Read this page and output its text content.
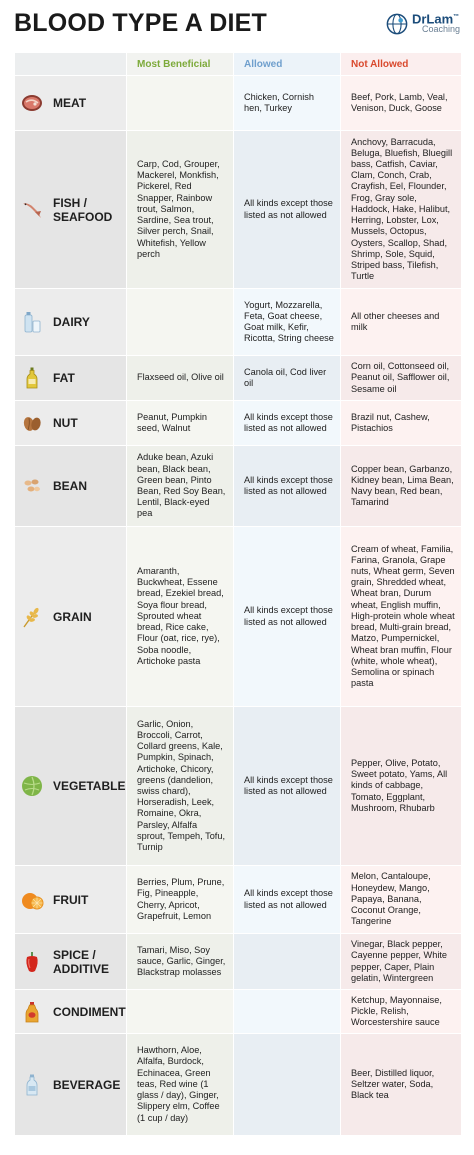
BLOOD TYPE A DIET	DrLam™
Coaching
	Most Beneficial	Allowed	Not Allowed

MEAT		Chicken, Cornish hen, Turkey	Beef, Pork, Lamb, Veal, Venison, Duck, Goose

FISH /
SEAFOOD	Carp, Cod, Grouper, Mackerel, Monkfish, Pickerel, Red Snapper, Rainbow trout, Salmon, Sardine, Sea trout, Silver perch, Snail, Whitefish, Yellow perch	All kinds except those listed as not allowed	Anchovy, Barracuda, Beluga, Bluefish, Bluegill bass, Catfish, Caviar, Clam, Conch, Crab, Crayfish, Eel, Flounder, Frog, Gray sole, Haddock, Hake, Halibut, Herring, Lobster, Lox, Mussels, Octopus, Oysters, Scallop, Shad, Shrimp, Sole, Squid, Striped bass, Tilefish, Turtle

DAIRY		Yogurt, Mozzarella, Feta, Goat cheese, Goat milk, Kefir, Ricotta, String cheese	All other cheeses and milk

FAT	Flaxseed oil, Olive oil	Canola oil, Cod liver oil	Corn oil, Cottonseed oil, Peanut oil, Safflower oil, Sesame oil

NUT	Peanut, Pumpkin seed, Walnut	All kinds except those listed as not allowed	Brazil nut, Cashew, Pistachios

BEAN	Aduke bean, Azuki bean, Black bean, Green bean, Pinto Bean, Red Soy Bean, Lentil, Black-eyed pea	All kinds except those listed as not allowed	Copper bean, Garbanzo, Kidney bean, Lima Bean, Navy bean, Red bean, Tamarind

GRAIN	Amaranth, Buckwheat, Essene bread, Ezekiel bread, Soya flour bread, Sprouted wheat bread, Rice cake, Flour (oat, rice, rye), Soba noodle, Artichoke pasta	All kinds except those listed as not allowed	Cream of wheat, Familia, Farina, Granola, Grape nuts, Wheat germ, Seven grain, Shredded wheat, Wheat bran, Durum wheat, English muffin, High-protein whole wheat bread, Multi-grain bread, Matzo, Pumpernickel, Wheat bran muffin, Flour (white, whole wheat), Semolina or spinach pasta

VEGETABLE	Garlic, Onion, Broccoli, Carrot, Collard greens, Kale, Pumpkin, Spinach, Artichoke, Chicory, greens (dandelion, swiss chard), Horseradish, Leek, Romaine, Okra, Parsley, Alfalfa sprout, Tempeh, Tofu, Turnip	All kinds except those listed as not allowed	Pepper, Olive, Potato, Sweet potato, Yams, All kinds of cabbage, Tomato, Eggplant, Mushroom, Rhubarb

FRUIT	Berries, Plum, Prune, Fig, Pineapple, Cherry, Apricot, Grapefruit, Lemon	All kinds except those listed as not allowed	Melon, Cantaloupe, Honeydew, Mango, Papaya, Banana, Coconut Orange, Tangerine

SPICE /
ADDITIVE	Tamari, Miso, Soy sauce, Garlic, Ginger, Blackstrap molasses		Vinegar, Black pepper, Cayenne pepper, White pepper, Caper, Plain gelatin, Wintergreen

CONDIMENT			Ketchup, Mayonnaise, Pickle, Relish, Worcestershire sauce

BEVERAGE	Hawthorn, Aloe, Alfalfa, Burdock, Echinacea, Green teas, Red wine (1 glass / day), Ginger, Slippery elm, Coffee (1 cup / day)		Beer, Distilled liquor, Seltzer water, Soda, Black tea
